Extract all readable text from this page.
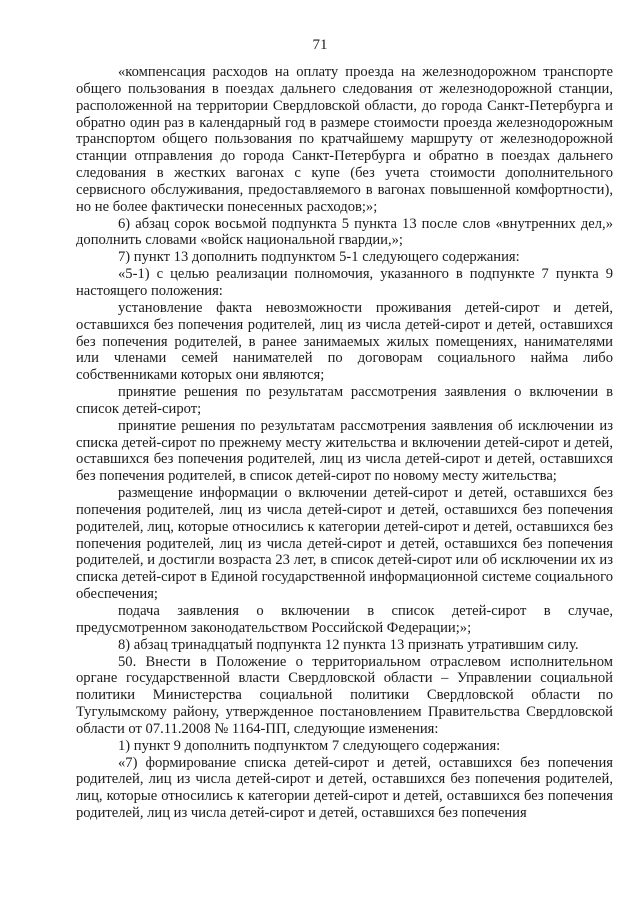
71

«компенсация расходов на оплату проезда на железнодорожном транспорте общего пользования в поездах дальнего следования от железнодорожной станции, расположенной на территории Свердловской области, до города Санкт-Петербурга и обратно один раз в календарный год в размере стоимости проезда железнодорожным транспортом общего пользования по кратчайшему маршруту от железнодорожной станции отправления до города Санкт-Петербурга и обратно в поездах дальнего следования в жестких вагонах с купе (без учета стоимости дополнительного сервисного обслуживания, предоставляемого в вагонах повышенной комфортности), но не более фактически понесенных расходов;»;

6) абзац сорок восьмой подпункта 5 пункта 13 после слов «внутренних дел,» дополнить словами «войск национальной гвардии,»;

7) пункт 13 дополнить подпунктом 5-1 следующего содержания:

«5-1) с целью реализации полномочия, указанного в подпункте 7 пункта 9 настоящего положения:

установление факта невозможности проживания детей-сирот и детей, оставшихся без попечения родителей, лиц из числа детей-сирот и детей, оставшихся без попечения родителей, в ранее занимаемых жилых помещениях, нанимателями или членами семей нанимателей по договорам социального найма либо собственниками которых они являются;

принятие решения по результатам рассмотрения заявления о включении в список детей-сирот;

принятие решения по результатам рассмотрения заявления об исключении из списка детей-сирот по прежнему месту жительства и включении детей-сирот и детей, оставшихся без попечения родителей, лиц из числа детей-сирот и детей, оставшихся без попечения родителей, в список детей-сирот по новому месту жительства;

размещение информации о включении детей-сирот и детей, оставшихся без попечения родителей, лиц из числа детей-сирот и детей, оставшихся без попечения родителей, лиц, которые относились к категории детей-сирот и детей, оставшихся без попечения родителей, лиц из числа детей-сирот и детей, оставшихся без попечения родителей, и достигли возраста 23 лет, в список детей-сирот или об исключении их из списка детей-сирот в Единой государственной информационной системе социального обеспечения;

подача заявления о включении в список детей-сирот в случае, предусмотренном законодательством Российской Федерации;»;

8) абзац тринадцатый подпункта 12 пункта 13 признать утратившим силу.

50. Внести в Положение о территориальном отраслевом исполнительном органе государственной власти Свердловской области – Управлении социальной политики Министерства социальной политики Свердловской области по Тугулымскому району, утвержденное постановлением Правительства Свердловской области от 07.11.2008 № 1164-ПП, следующие изменения:

1) пункт 9 дополнить подпунктом 7 следующего содержания:

«7) формирование списка детей-сирот и детей, оставшихся без попечения родителей, лиц из числа детей-сирот и детей, оставшихся без попечения родителей, лиц, которые относились к категории детей-сирот и детей, оставшихся без попечения родителей, лиц из числа детей-сирот и детей, оставшихся без попечения
